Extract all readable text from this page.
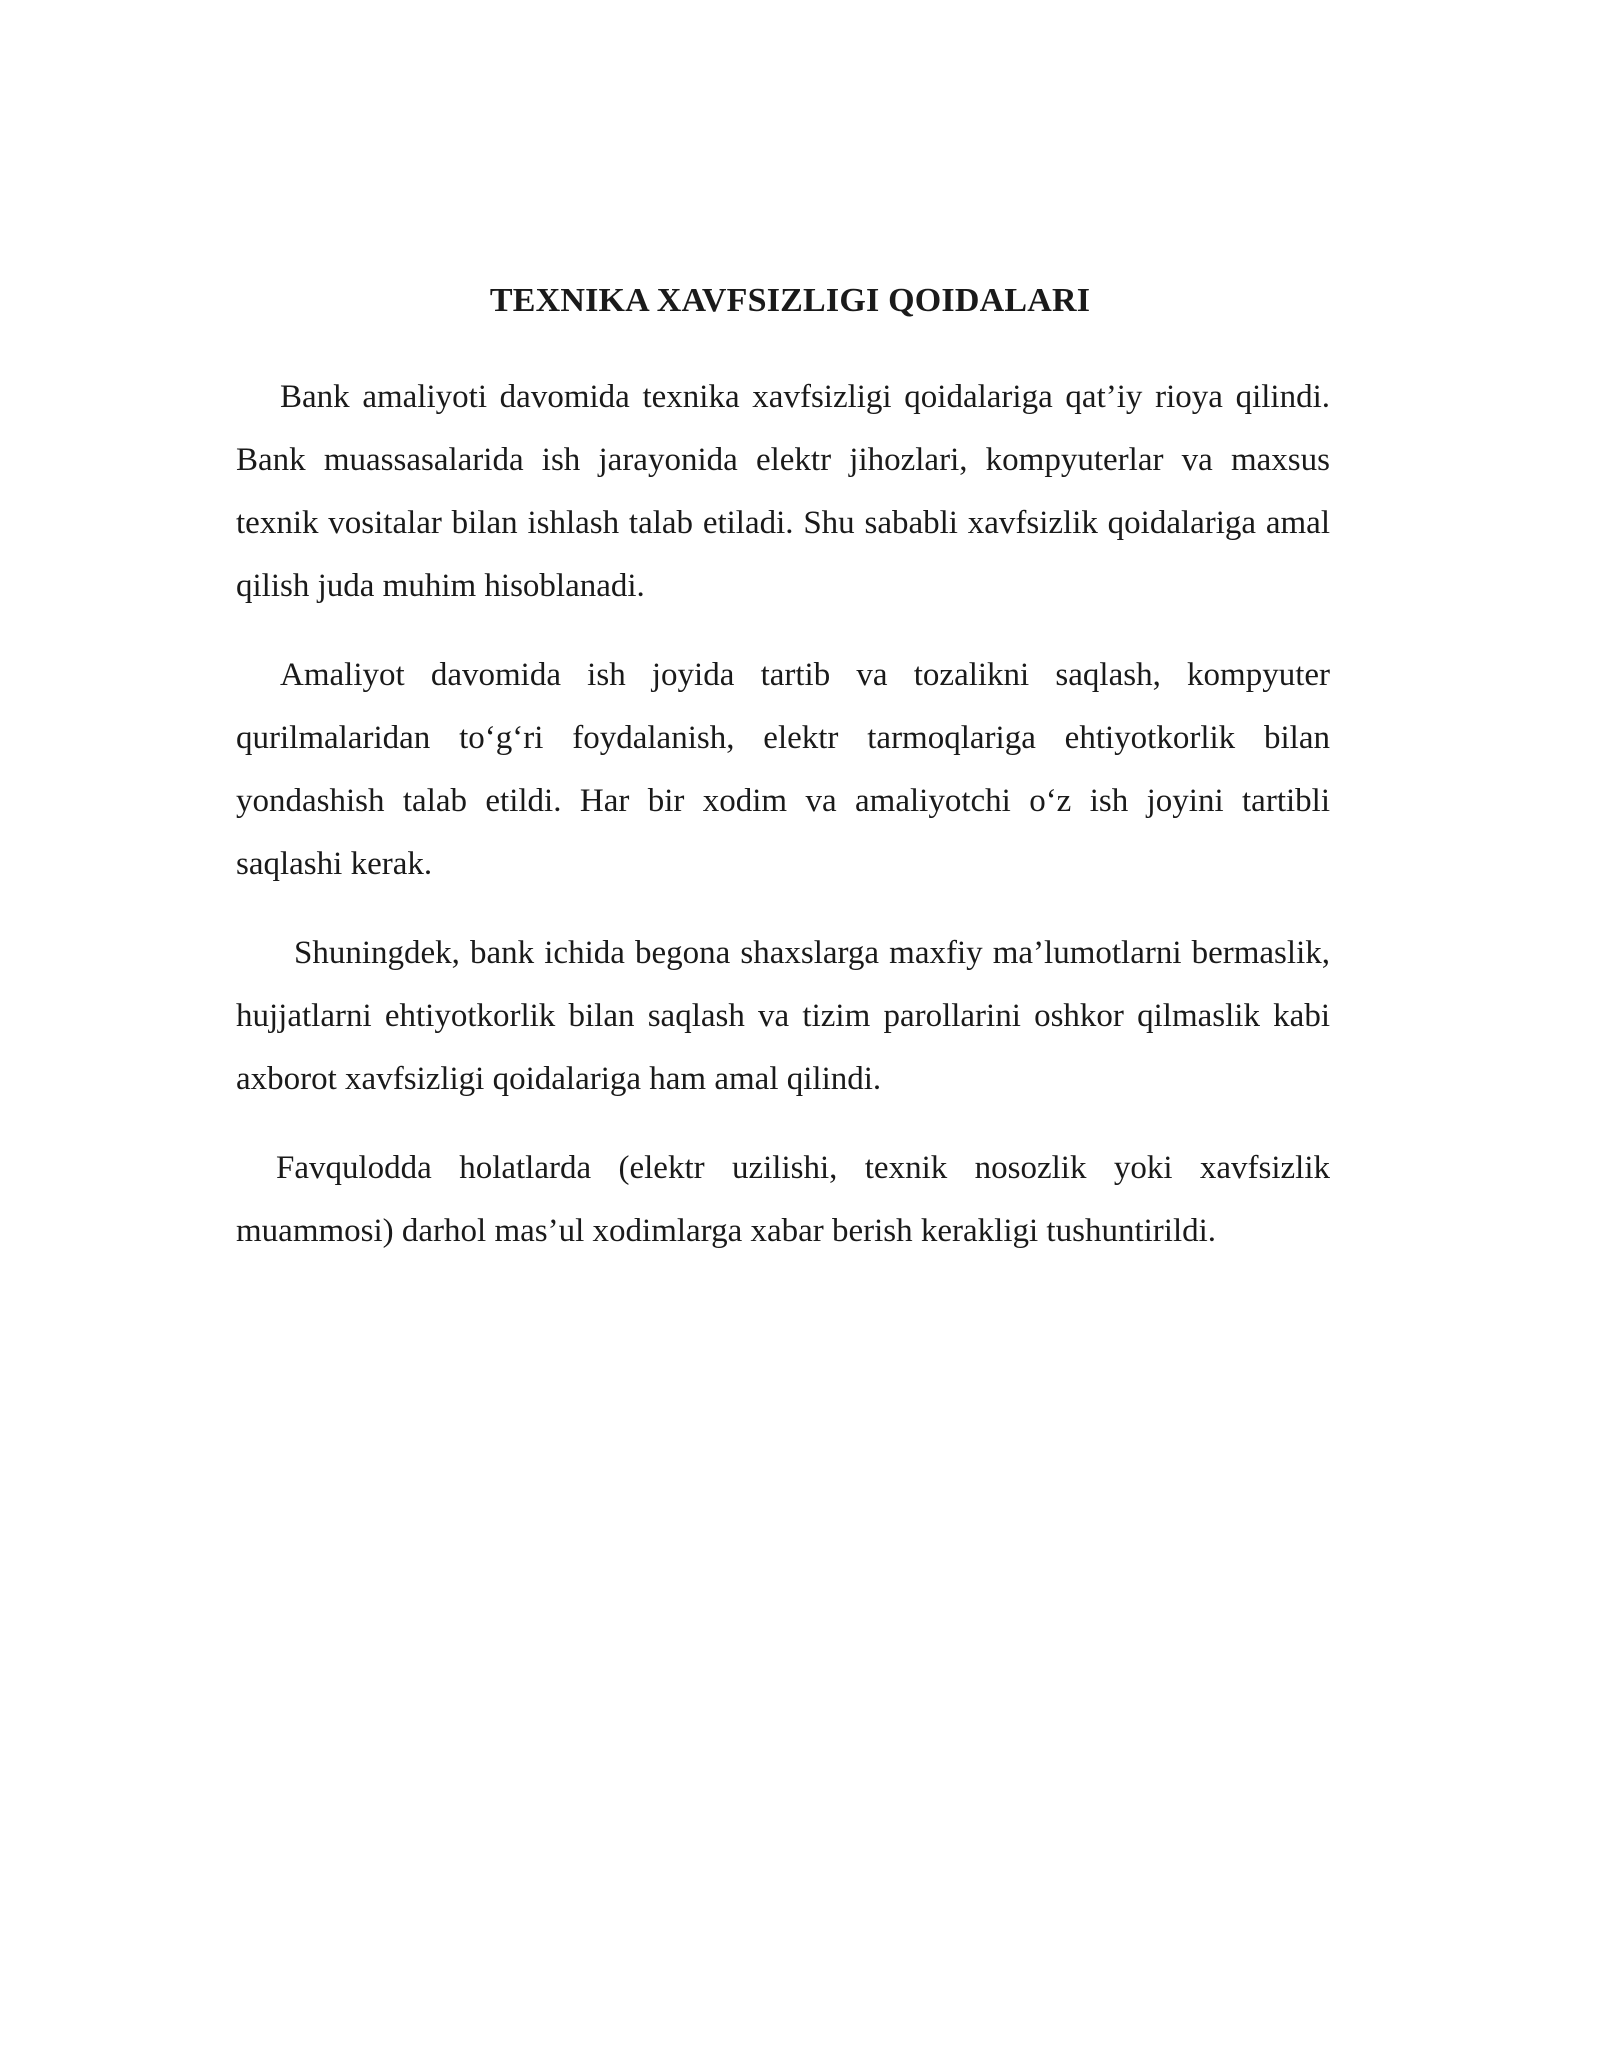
TEXNIKA XAVFSIZLIGI QOIDALARI

Bank amaliyoti davomida texnika xavfsizligi qoidalariga qat’iy rioya qilindi. Bank muassasalarida ish jarayonida elektr jihozlari, kompyuterlar va maxsus texnik vositalar bilan ishlash talab etiladi. Shu sababli xavfsizlik qoidalariga amal qilish juda muhim hisoblanadi.

Amaliyot davomida ish joyida tartib va tozalikni saqlash, kompyuter qurilmalaridan to‘g‘ri foydalanish, elektr tarmoqlariga ehtiyotkorlik bilan yondashish talab etildi. Har bir xodim va amaliyotchi o‘z ish joyini tartibli saqlashi kerak.

Shuningdek, bank ichida begona shaxslarga maxfiy ma’lumotlarni bermaslik, hujjatlarni ehtiyotkorlik bilan saqlash va tizim parollarini oshkor qilmaslik kabi axborot xavfsizligi qoidalariga ham amal qilindi.

Favqulodda holatlarda (elektr uzilishi, texnik nosozlik yoki xavfsizlik muammosi) darhol mas’ul xodimlarga xabar berish kerakligi tushuntirildi.
